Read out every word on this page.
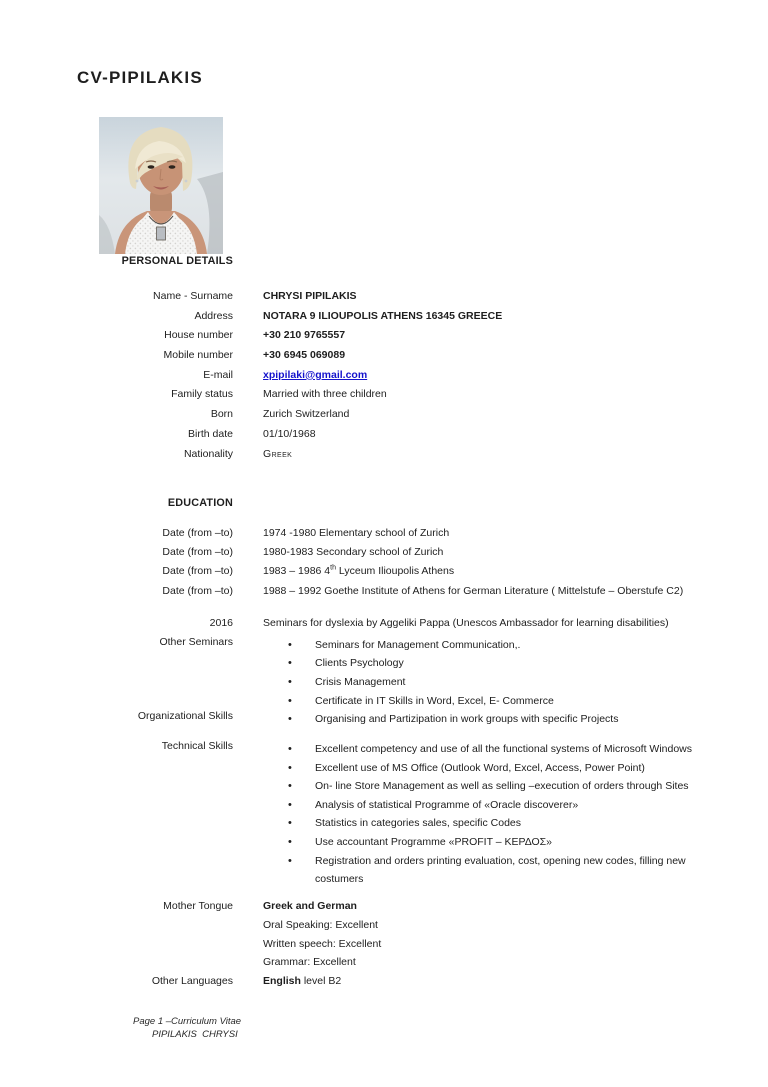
CV-PIPILAKIS
PERSONAL DETAILS
Name - Surname	CHRYSI PIPILAKIS
Address	NOTARA 9 ILIOUPOLIS ATHENS 16345 GREECE
House number	+30 210 9765557
Mobile number	+30 6945 069089
E-mail	xpipilaki@gmail.com
Family status	Married with three children
Born	Zurich Switzerland
Birth date	01/10/1968
Nationality	Greek
EDUCATION
Date (from –to)	1974 -1980 Elementary school of Zurich
Date (from –to)	1980-1983 Secondary school of Zurich
Date (from –to)	1983 – 1986 4th Lyceum Ilioupolis Athens
Date (from –to)	1988 – 1992 Goethe Institute of Athens for German Literature ( Mittelstufe – Oberstufe C2)
2016	Seminars for dyslexia by Aggeliki Pappa (Unescos Ambassador for learning disabilities)
Other Seminars	• Seminars for Management Communication,.
• Clients Psychology
• Crisis Management
• Certificate in IT Skills in Word, Excel, E- Commerce
Organizational Skills	• Organising and Partizipation in work groups with specific Projects
Technical Skills	• Excellent competency and use of all the functional systems of Microsoft Windows
• Excellent use of MS Office (Outlook Word, Excel, Access, Power Point)
• On- line Store Management as well as selling –execution of orders through Sites
• Analysis of statistical Programme of «Oracle discoverer»
• Statistics in categories sales, specific Codes
• Use accountant Programme «PROFIT – ΚΕΡΔΟΣ»
• Registration and orders printing evaluation, cost, opening new codes, filling new costumers
Mother Tongue	Greek and German
Oral Speaking: Excellent
Written speech: Excellent
Grammar: Excellent
Other Languages	English level B2
Page 1 –Curriculum Vitae
PIPILAKIS  CHRYSI
